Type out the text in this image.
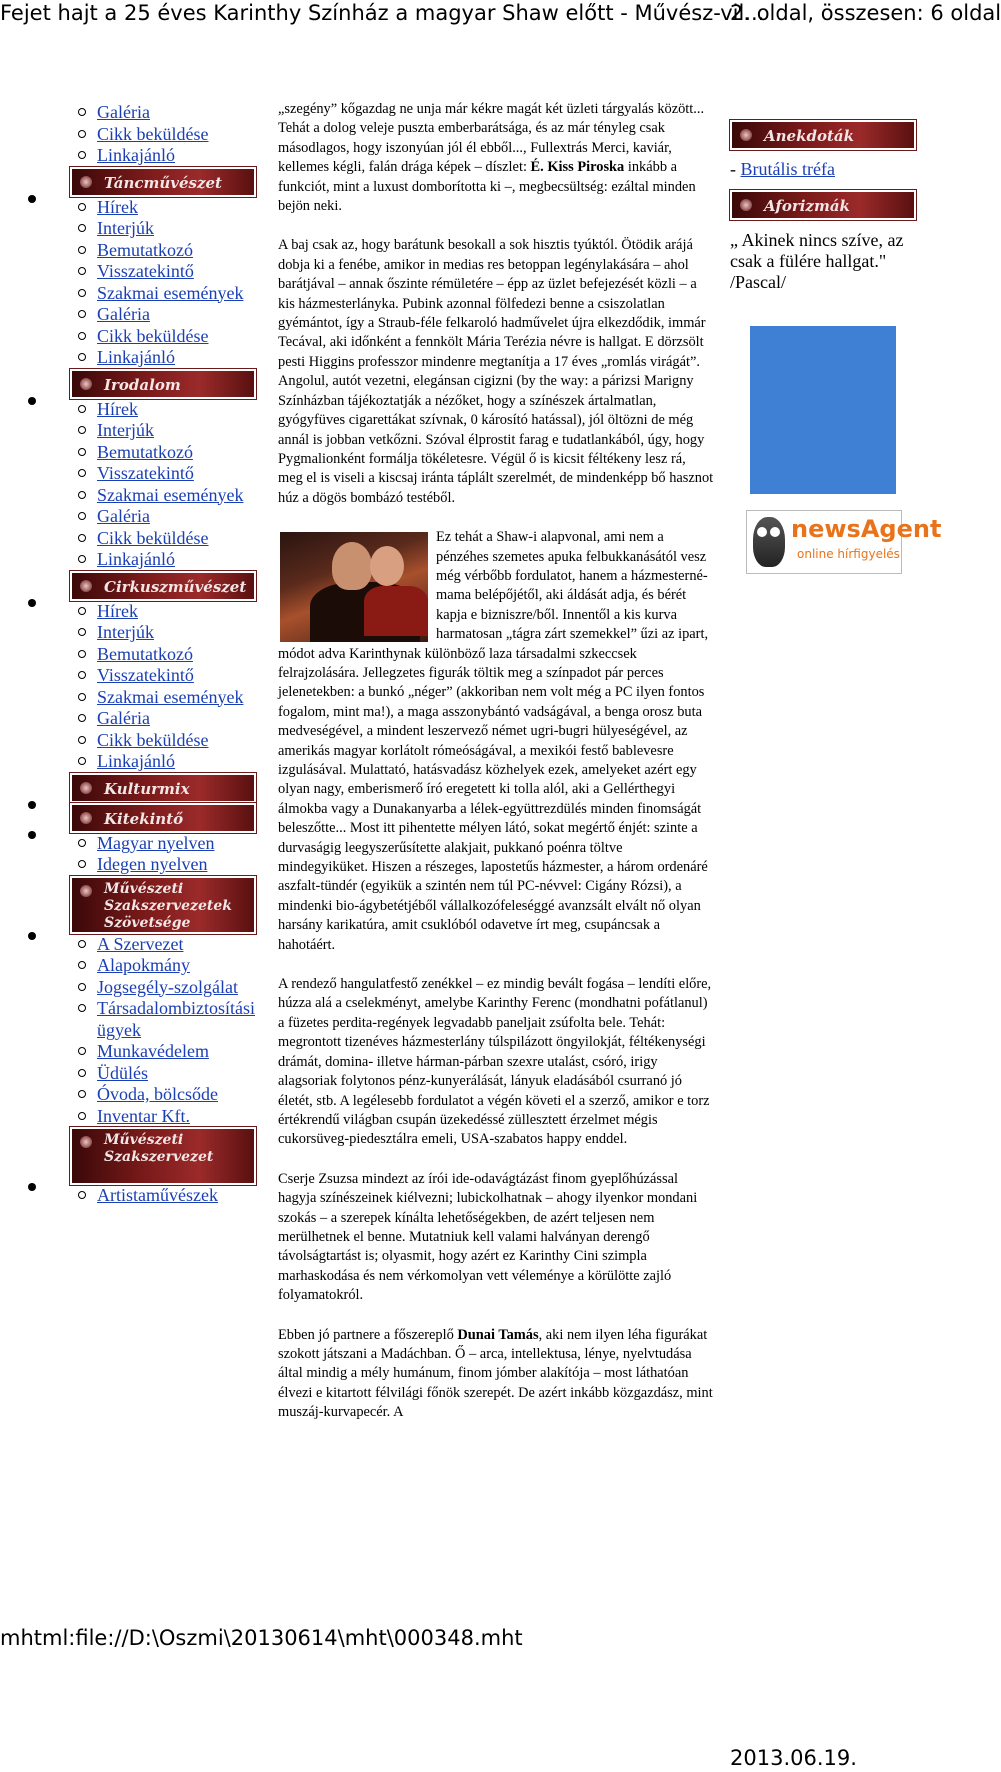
Fejet hajt a 25 éves Karinthy Színház a magyar Shaw előtt - Művész-vil...
2. oldal, összesen: 6 oldal
Galéria
Cikk beküldése
Linkajánló
Táncművészet
Hírek
Interjúk
Bemutatkozó
Visszatekintő
Szakmai események
Galéria
Cikk beküldése
Linkajánló
Irodalom
Hírek
Interjúk
Bemutatkozó
Visszatekintő
Szakmai események
Galéria
Cikk beküldése
Linkajánló
Cirkuszművészet
Hírek
Interjúk
Bemutatkozó
Visszatekintő
Szakmai események
Galéria
Cikk beküldése
Linkajánló
Kulturmix
Kitekintő
Magyar nyelven
Idegen nyelven
Művészeti
Szakszervezetek
Szövetsége
A Szervezet
Alapokmány
Jogsegély-szolgálat
Társadalombiztosítási ügyek
Munkavédelem
Üdülés
Óvoda, bölcsőde
Inventar Kft.
Művészeti
Szakszervezet
Artistaművészek

„szegény” kőgazdag ne unja már kékre magát két üzleti tárgyalás között... Tehát a dolog veleje puszta emberbarátsága, és az már tényleg csak másodlagos, hogy iszonyúan jól él ebből..., Fullextrás Merci, kaviár, kellemes kégli, falán drága képek – díszlet: É. Kiss Piroska inkább a funkciót, mint a luxust domborította ki –, megbecsültség: ezáltal minden bejön neki.

A baj csak az, hogy barátunk besokall a sok hisztis tyúktól. Ötödik arájá dobja ki a fenébe, amikor in medias res betoppan legénylakására – ahol barátjával – annak őszinte rémületére – épp az üzlet befejezését közli – a kis házmesterlányka. Pubink azonnal fölfedezi benne a csiszolatlan gyémántot, így a Straub-féle felkaroló hadművelet újra elkezdődik, immár Tecával, aki időnként a fennkölt Mária Terézia névre is hallgat. E dörzsölt pesti Higgins professzor mindenre megtanítja a 17 éves „romlás virágát”. Angolul, autót vezetni, elegánsan cigizni (by the way: a párizsi Marigny Színházban tájékoztatják a nézőket, hogy a színészek ártalmatlan, gyógyfüves cigarettákat szívnak, 0 károsító hatással), jól öltözni de még annál is jobban vetkőzni. Szóval élprostit farag e tudatlankából, úgy, hogy Pygmalionként formálja tökéletesre. Végül ő is kicsit féltékeny lesz rá, meg el is viseli a kiscsaj iránta táplált szerelmét, de mindenképp bő hasznot húz a dögös bombázó testéből.

Ez tehát a Shaw-i alapvonal, ami nem a pénzéhes szemetes apuka felbukkanásától vesz még vérbőbb fordulatot, hanem a házmesterné-mama belépőjétől, aki áldását adja, és bérét kapja e bizniszre/ből. Innentől a kis kurva harmatosan „tágra zárt szemekkel” űzi az ipart, módot adva Karinthynak különböző laza társadalmi szkeccsek felrajzolására. Jellegzetes figurák töltik meg a színpadot pár perces jelenetekben: a bunkó „néger” (akkoriban nem volt még a PC ilyen fontos fogalom, mint ma!), a maga asszonybántó vadságával, a benga orosz buta medveségével, a mindent leszervező német ugri-bugri hülyeségével, az amerikás magyar korlátolt rómeóságával, a mexikói festő bablevesre izgulásával. Mulattató, hatásvadász közhelyek ezek, amelyeket azért egy olyan nagy, emberismerő író eregetett ki tolla alól, aki a Gellérthegyi álmokba vagy a Dunakanyarba a lélek-együttrezdülés minden finomságát beleszőtte... Most itt pihentette mélyen látó, sokat megértő énjét: szinte a durvaságig leegyszerűsítette alakjait, pukkanó poénra töltve mindegyiküket. Hiszen a részeges, lapostetűs házmester, a három ordenáré aszfalt-tündér (egyikük a szintén nem túl PC-névvel: Cigány Rózsi), a mindenki bio-ágybetétjéből vállalkozófeleséggé avanzsált elvált nő olyan harsány karikatúra, amit csuklóból odavetve írt meg, csupáncsak a hahotáért.

A rendező hangulatfestő zenékkel – ez mindig bevált fogása – lendíti előre, húzza alá a cselekményt, amelybe Karinthy Ferenc (mondhatni pofátlanul) a füzetes perdita-regények legvadabb paneljait zsúfolta bele. Tehát: megrontott tizenéves házmesterlány túlspilázott öngyilokját, féltékenységi drámát, domina- illetve hárman-párban szexre utalást, csóró, irigy alagsoriak folytonos pénz-kunyerálását, lányuk eladásából csurranó jó életét, stb. A legélesebb fordulatot a végén követi el a szerző, amikor e torz értékrendű világban csupán üzekedéssé züllesztett érzelmet mégis cukorsüveg-piedesztálra emeli, USA-szabatos happy enddel.

Cserje Zsuzsa mindezt az írói ide-odavágtázást finom gyeplőhúzással hagyja színészeinek kiélvezni; lubickolhatnak – ahogy ilyenkor mondani szokás – a szerepek kínálta lehetőségekben, de azért teljesen nem merülhetnek el benne. Mutatniuk kell valami halványan derengő távolságtartást is; olyasmit, hogy azért ez Karinthy Cini szimpla marhaskodása és nem vérkomolyan vett véleménye a körülötte zajló folyamatokról.

Ebben jó partnere a főszereplő Dunai Tamás, aki nem ilyen léha figurákat szokott játszani a Madáchban. Ő – arca, intellektusa, lénye, nyelvtudása által mindig a mély humánum, finom jómber alakítója – most láthatóan élvezi e kitartott félvilági főnök szerepét. De azért inkább közgazdász, mint muszáj-kurvapecér. A

Anekdoták
- Brutális tréfa
Aforizmák
„ Akinek nincs szíve, az csak a fülére hallgat." /Pascal/
newsAgent
online hírfigyelés
mhtml:file://D:\Oszmi\20130614\mht\000348.mht
2013.06.19.
